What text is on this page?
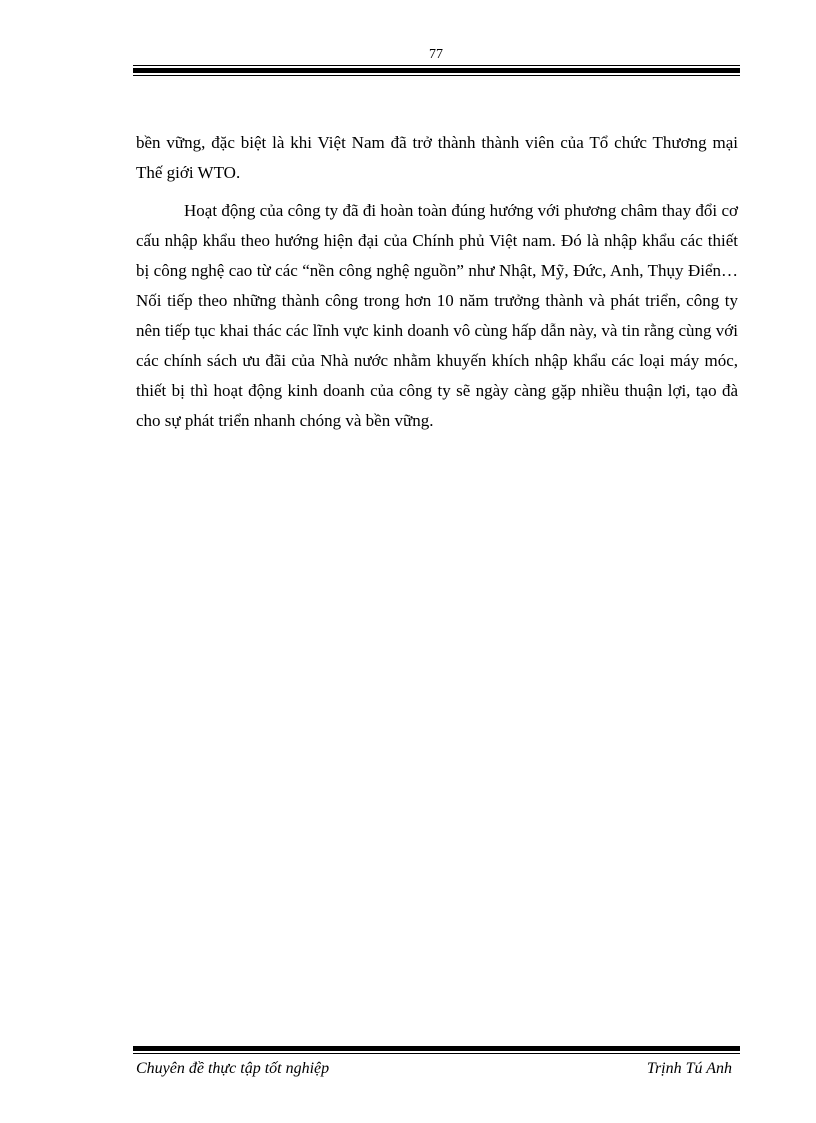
77

bền vững, đặc biệt là khi Việt Nam đã trở thành thành viên của Tổ chức Thương mại Thế giới WTO.

Hoạt động của công ty đã đi hoàn toàn đúng hướng với phương châm thay đổi cơ cấu nhập khẩu theo hướng hiện đại của Chính phủ Việt nam. Đó là nhập khẩu các thiết bị công nghệ cao từ các “nền công nghệ nguồn” như Nhật, Mỹ, Đức, Anh, Thụy Điển… Nối tiếp theo những thành công trong hơn 10 năm trưởng thành và phát triển, công ty nên tiếp tục khai thác các lĩnh vực kinh doanh vô cùng hấp dẫn này, và tin rằng cùng với các chính sách ưu đãi của Nhà nước nhằm khuyến khích nhập khẩu các loại máy móc, thiết bị thì hoạt động kinh doanh của công ty sẽ ngày càng gặp nhiều thuận lợi, tạo đà cho sự phát triển nhanh chóng và bền vững.

Chuyên đề thực tập tốt nghiệp	Trịnh Tú Anh
